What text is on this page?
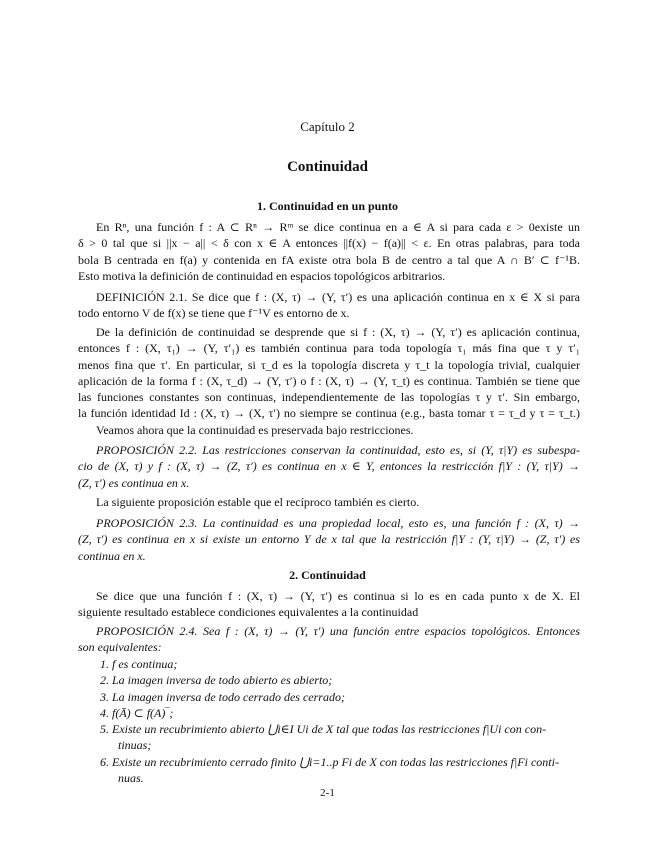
Capítulo 2
Continuidad
1. Continuidad en un punto
En Rⁿ, una función f : A ⊂ Rⁿ → Rᵐ se dice continua en a ∈ A si para cada ε > 0existe un
δ > 0 tal que si ||x − a|| < δ con x ∈ A entonces ||f(x) − f(a)|| < ε. En otras palabras, para toda
bola B centrada en f(a) y contenida en fA existe otra bola B de centro a tal que A ∩ B′ ⊂ f⁻¹B.
Esto motiva la definición de continuidad en espacios topológicos arbitrarios.
DEFINICIÓN 2.1. Se dice que f : (X, τ) → (Y, τ′) es una aplicación continua en x ∈ X si para
todo entorno V de f(x) se tiene que f⁻¹V es entorno de x.
De la definición de continuidad se desprende que si f : (X, τ) → (Y, τ′) es aplicación continua,
entonces f : (X, τ₁) → (Y, τ′₁) es también continua para toda topología τ₁ más fina que τ y τ′₁
menos fina que τ′. En particular, si τ_d es la topología discreta y τ_t la topología trivial, cualquier
aplicación de la forma f : (X, τ_d) → (Y, τ′) o f : (X, τ) → (Y, τ_t) es continua. También se tiene que
las funciones constantes son continuas, independientemente de las topologías τ y τ′. Sin embargo,
la función identidad Id : (X, τ) → (X, τ′) no siempre se continua (e.g., basta tomar τ = τ_d y τ = τ_t.)
Veamos ahora que la continuidad es preservada bajo restricciones.
PROPOSICIÓN 2.2. Las restricciones conservan la continuidad, esto es, si (Y, τ|Y) es subespa-
cio de (X, τ) y f : (X, τ) → (Z, τ′) es continua en x ∈ Y, entonces la restricción f|Y : (Y, τ|Y) →
(Z, τ′) es continua en x.
La siguiente proposición estable que el recíproco también es cierto.
PROPOSICIÓN 2.3. La continuidad es una propiedad local, esto es, una función f : (X, τ) →
(Z, τ′) es continua en x si existe un entorno Y de x tal que la restricción f|Y : (Y, τ|Y) → (Z, τ′) es
continua en x.
2. Continuidad
Se dice que una función f : (X, τ) → (Y, τ′) es continua si lo es en cada punto x de X. El
siguiente resultado establece condiciones equivalentes a la continuidad
PROPOSICIÓN 2.4. Sea f : (X, τ) → (Y, τ′) una función entre espacios topológicos. Entonces
son equivalentes:
1. f es continua;
2. La imagen inversa de todo abierto es abierto;
3. La imagen inversa de todo cerrado des cerrado;
4. f(Ā) ⊂ f(A)‾;
5. Existe un recubrimiento abierto ⋃i∈I Ui de X tal que todas las restricciones f|Ui con con-
tinuas;
6. Existe un recubrimiento cerrado finito ⋃i=1..p Fi de X con todas las restricciones f|Fi conti-
nuas.
2-1
